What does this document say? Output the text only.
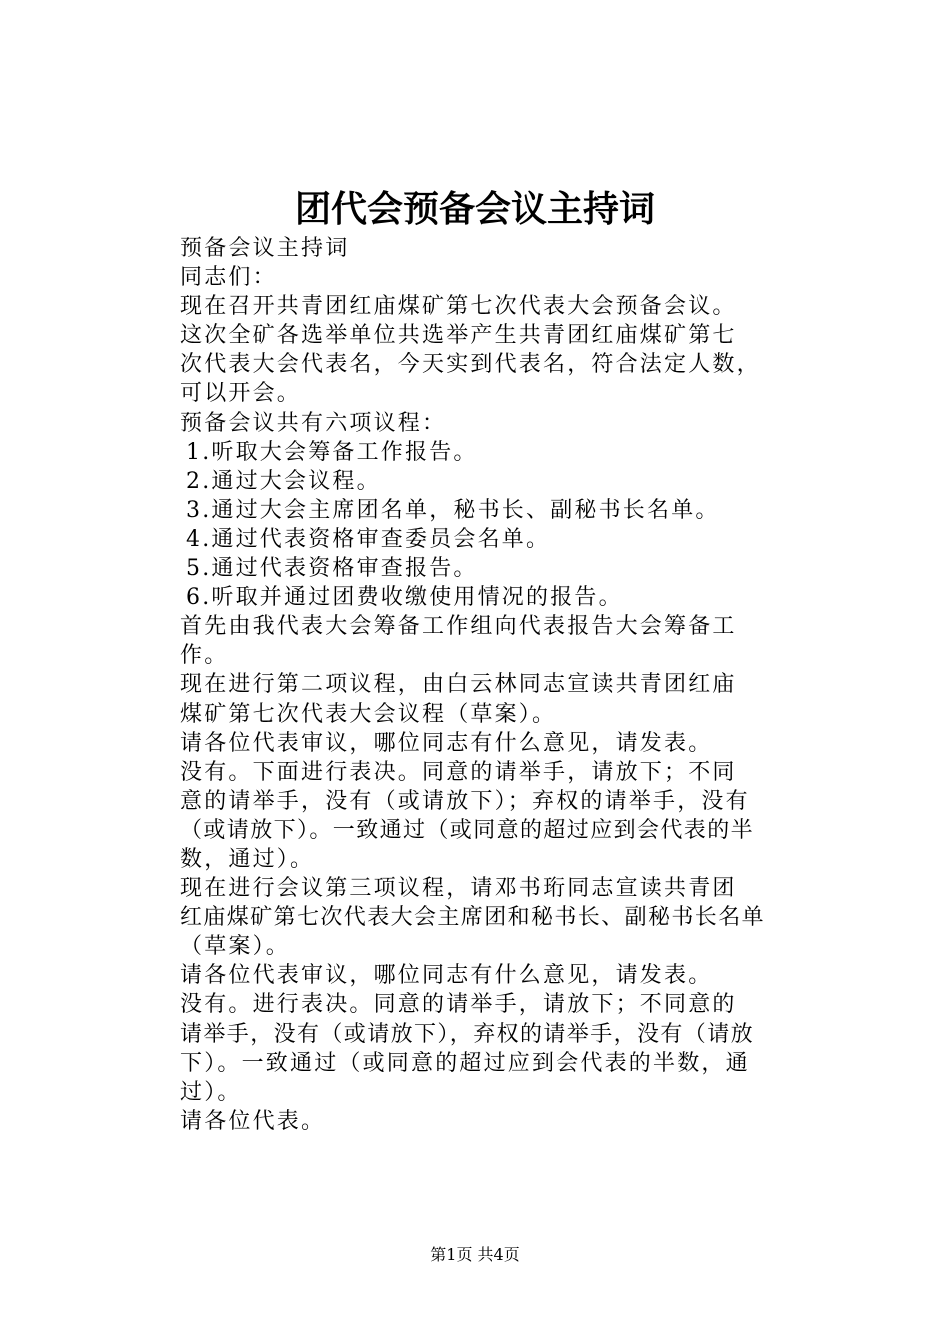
团代会预备会议主持词
预备会议主持词
同志们：
现在召开共青团红庙煤矿第七次代表大会预备会议。
这次全矿各选举单位共选举产生共青团红庙煤矿第七
次代表大会代表名，今天实到代表名，符合法定人数，
可以开会。
预备会议共有六项议程：
1.听取大会筹备工作报告。
2.通过大会议程。
3.通过大会主席团名单，秘书长、副秘书长名单。
4.通过代表资格审查委员会名单。
5.通过代表资格审查报告。
6.听取并通过团费收缴使用情况的报告。
首先由我代表大会筹备工作组向代表报告大会筹备工
作。
现在进行第二项议程，由白云林同志宣读共青团红庙
煤矿第七次代表大会议程（草案）。
请各位代表审议，哪位同志有什么意见，请发表。
没有。下面进行表决。同意的请举手，请放下；不同
意的请举手，没有（或请放下）；弃权的请举手，没有
（或请放下）。一致通过（或同意的超过应到会代表的半
数，通过）。
现在进行会议第三项议程，请邓书珩同志宣读共青团
红庙煤矿第七次代表大会主席团和秘书长、副秘书长名单
（草案）。
请各位代表审议，哪位同志有什么意见，请发表。
没有。进行表决。同意的请举手，请放下；不同意的
请举手，没有（或请放下），弃权的请举手，没有（请放
下）。一致通过（或同意的超过应到会代表的半数，通
过）。
请各位代表。
第1页 共4页
